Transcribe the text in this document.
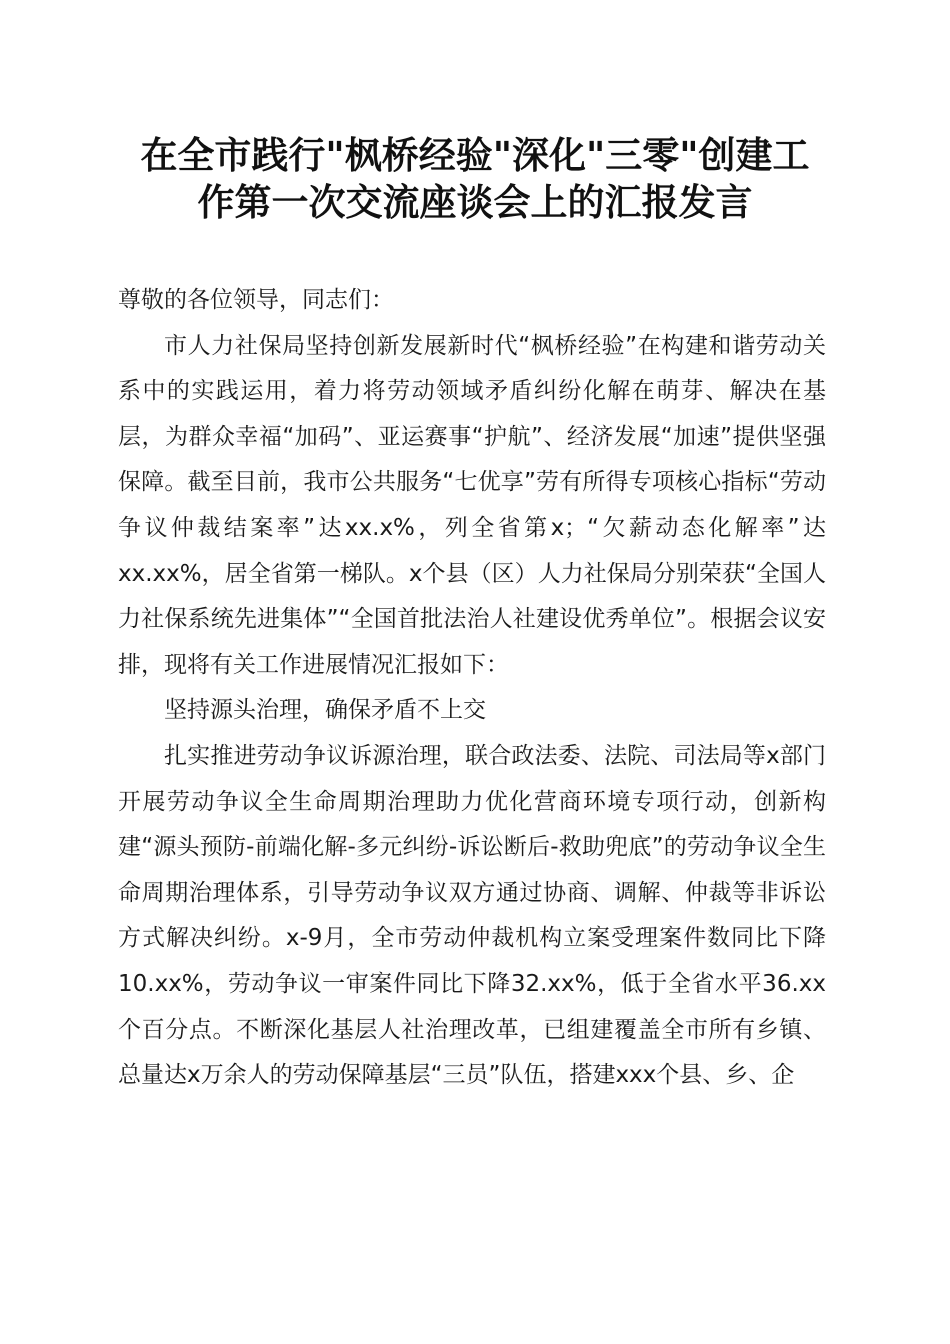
在全市践行"枫桥经验"深化"三零"创建工
作第一次交流座谈会上的汇报发言

尊敬的各位领导，同志们：

市人力社保局坚持创新发展新时代“枫桥经验”在构建和谐劳动关系中的实践运用，着力将劳动领域矛盾纠纷化解在萌芽、解决在基层，为群众幸福“加码”、亚运赛事“护航”、经济发展“加速”提供坚强保障。截至目前，我市公共服务“七优享”劳有所得专项核心指标“劳动争议仲裁结案率”达xx.x%，列全省第x；“欠薪动态化解率”达xx.xx%，居全省第一梯队。x个县（区）人力社保局分别荣获“全国人力社保系统先进集体”“全国首批法治人社建设优秀单位”。根据会议安排，现将有关工作进展情况汇报如下：

坚持源头治理，确保矛盾不上交

扎实推进劳动争议诉源治理，联合政法委、法院、司法局等x部门开展劳动争议全生命周期治理助力优化营商环境专项行动，创新构建“源头预防-前端化解-多元纠纷-诉讼断后-救助兜底”的劳动争议全生命周期治理体系，引导劳动争议双方通过协商、调解、仲裁等非诉讼方式解决纠纷。x-9月，全市劳动仲裁机构立案受理案件数同比下降10.xx%，劳动争议一审案件同比下降32.xx%，低于全省水平36.xx个百分点。不断深化基层人社治理改革，已组建覆盖全市所有乡镇、总量达x万余人的劳动保障基层“三员”队伍，搭建xxx个县、乡、企
